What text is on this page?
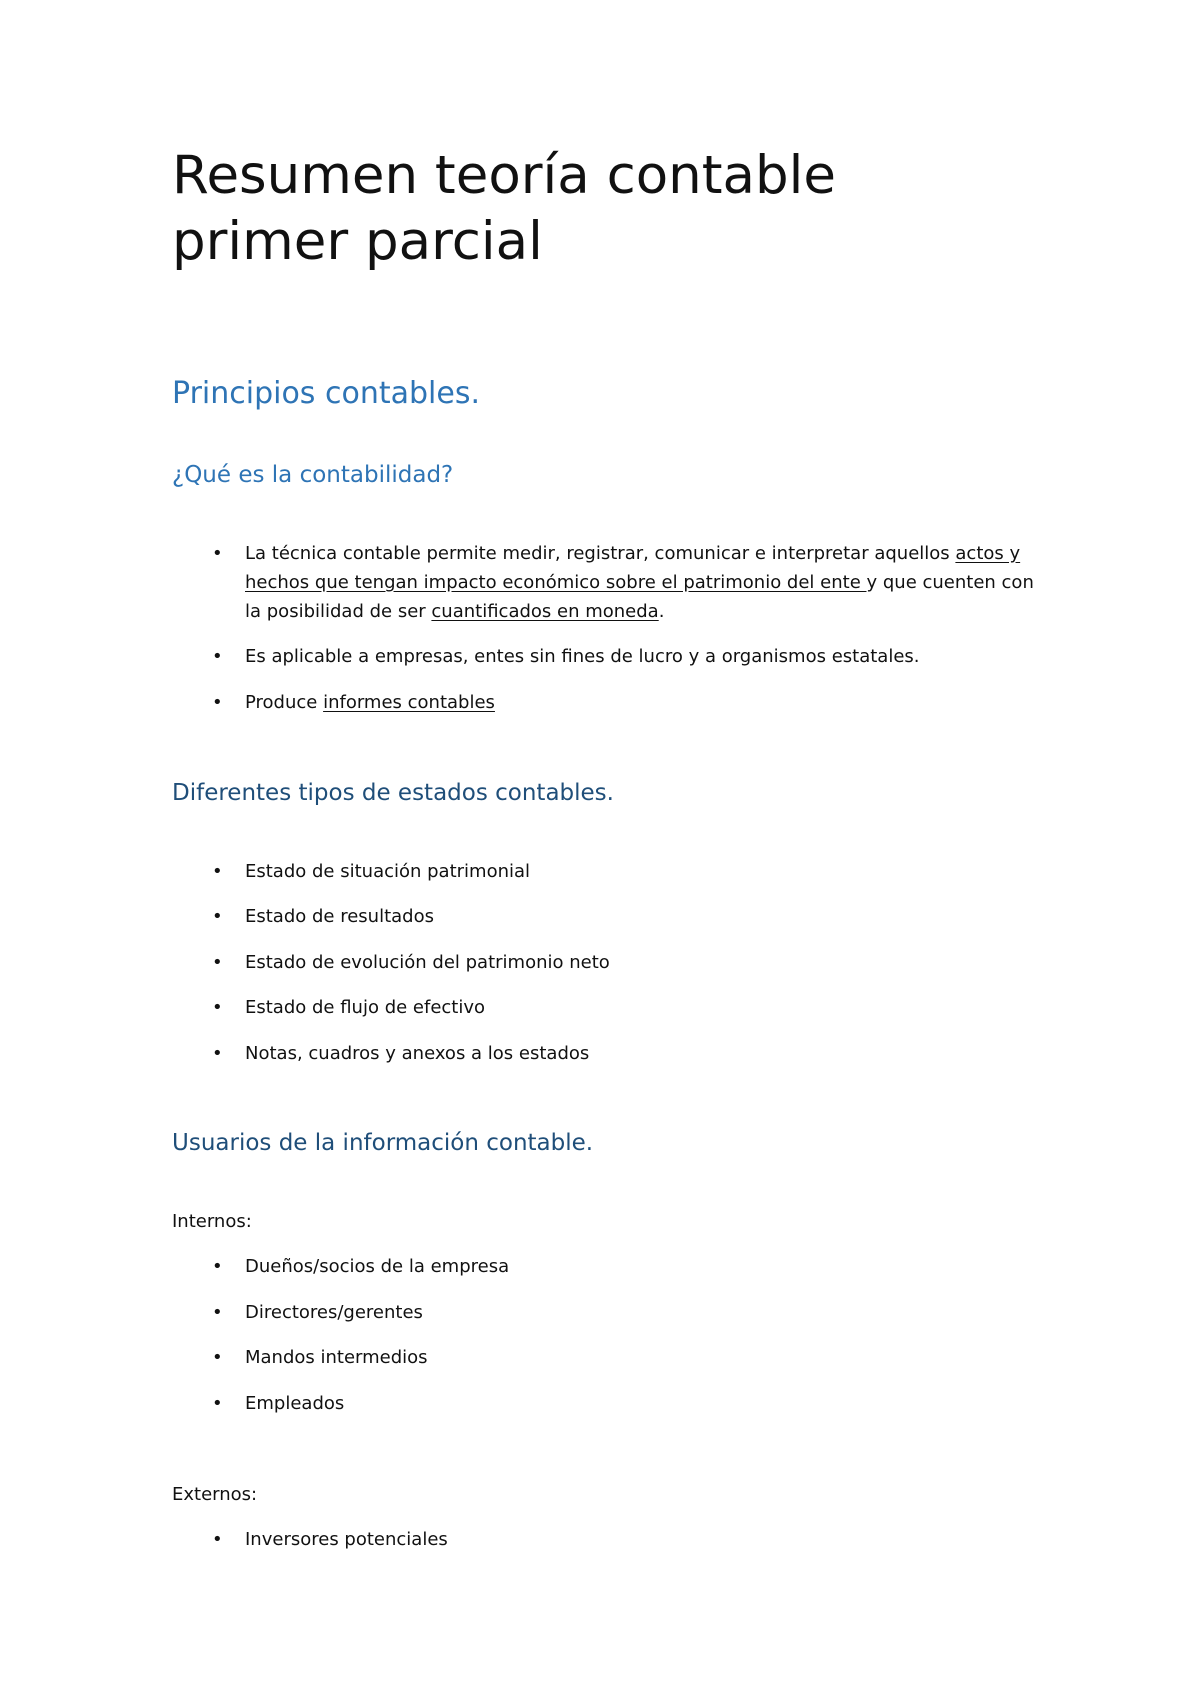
Resumen teoría contable
primer parcial
Principios contables.
¿Qué es la contabilidad?
• La técnica contable permite medir, registrar, comunicar e interpretar aquellos actos y
hechos que tengan impacto económico sobre el patrimonio del ente y que cuenten con
la posibilidad de ser cuantificados en moneda.
• Es aplicable a empresas, entes sin fines de lucro y a organismos estatales.
• Produce informes contables
Diferentes tipos de estados contables.
• Estado de situación patrimonial
• Estado de resultados
• Estado de evolución del patrimonio neto
• Estado de flujo de efectivo
• Notas, cuadros y anexos a los estados
Usuarios de la información contable.
Internos:
• Dueños/socios de la empresa
• Directores/gerentes
• Mandos intermedios
• Empleados
Externos:
• Inversores potenciales
